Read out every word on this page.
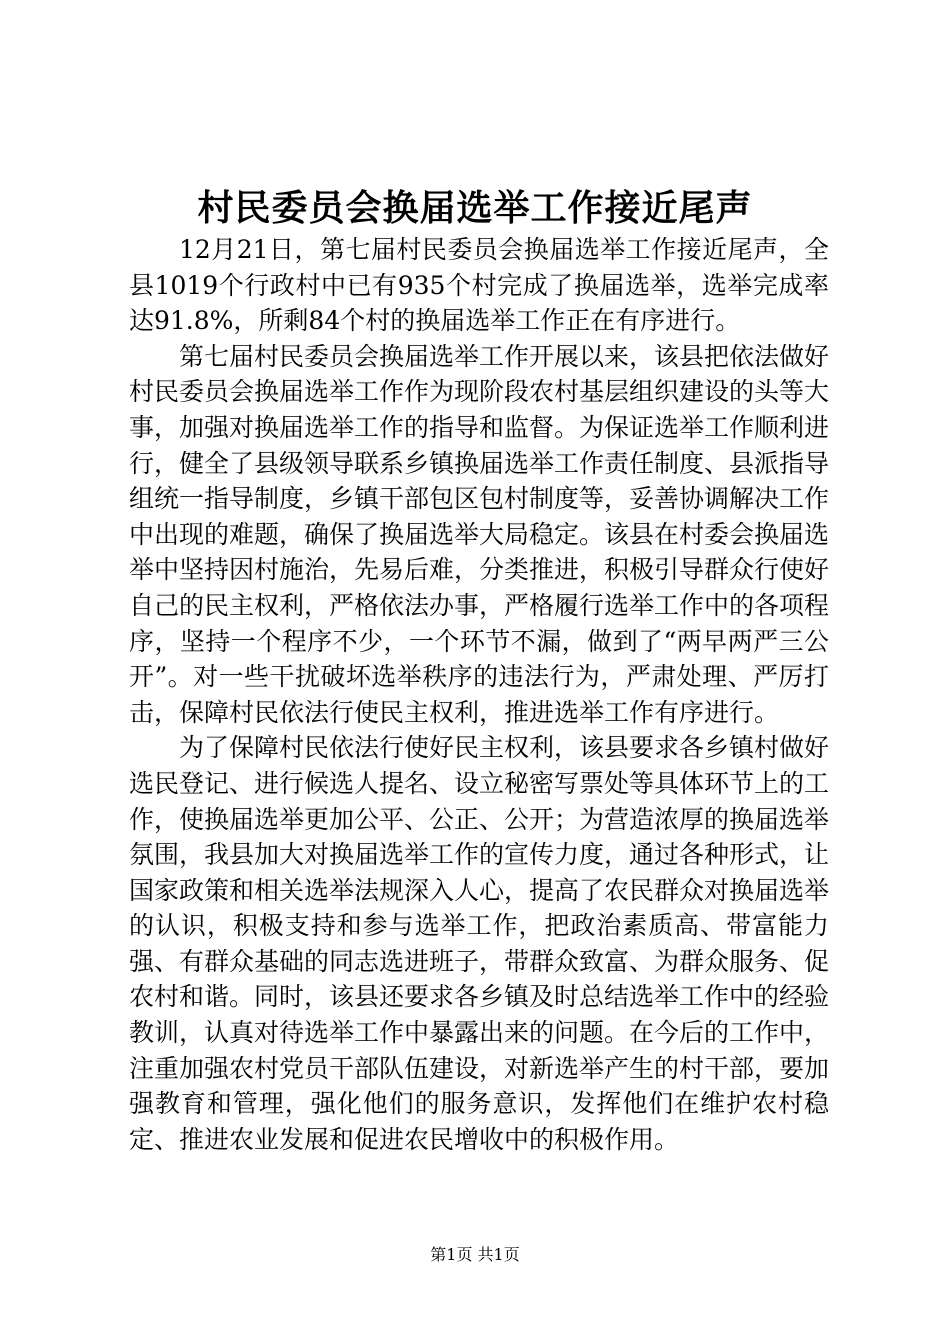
村民委员会换届选举工作接近尾声

12月21日，第七届村民委员会换届选举工作接近尾声，全县1019个行政村中已有935个村完成了换届选举，选举完成率达91.8%，所剩84个村的换届选举工作正在有序进行。

第七届村民委员会换届选举工作开展以来，该县把依法做好村民委员会换届选举工作作为现阶段农村基层组织建设的头等大事，加强对换届选举工作的指导和监督。为保证选举工作顺利进行，健全了县级领导联系乡镇换届选举工作责任制度、县派指导组统一指导制度，乡镇干部包区包村制度等，妥善协调解决工作中出现的难题，确保了换届选举大局稳定。该县在村委会换届选举中坚持因村施治，先易后难，分类推进，积极引导群众行使好自己的民主权利，严格依法办事，严格履行选举工作中的各项程序，坚持一个程序不少，一个环节不漏，做到了“两早两严三公开”。对一些干扰破坏选举秩序的违法行为，严肃处理、严厉打击，保障村民依法行使民主权利，推进选举工作有序进行。

为了保障村民依法行使好民主权利，该县要求各乡镇村做好选民登记、进行候选人提名、设立秘密写票处等具体环节上的工作，使换届选举更加公平、公正、公开；为营造浓厚的换届选举氛围，我县加大对换届选举工作的宣传力度，通过各种形式，让国家政策和相关选举法规深入人心，提高了农民群众对换届选举的认识，积极支持和参与选举工作，把政治素质高、带富能力强、有群众基础的同志选进班子，带群众致富、为群众服务、促农村和谐。同时，该县还要求各乡镇及时总结选举工作中的经验教训，认真对待选举工作中暴露出来的问题。在今后的工作中，注重加强农村党员干部队伍建设，对新选举产生的村干部，要加强教育和管理，强化他们的服务意识，发挥他们在维护农村稳定、推进农业发展和促进农民增收中的积极作用。

第1页 共1页
